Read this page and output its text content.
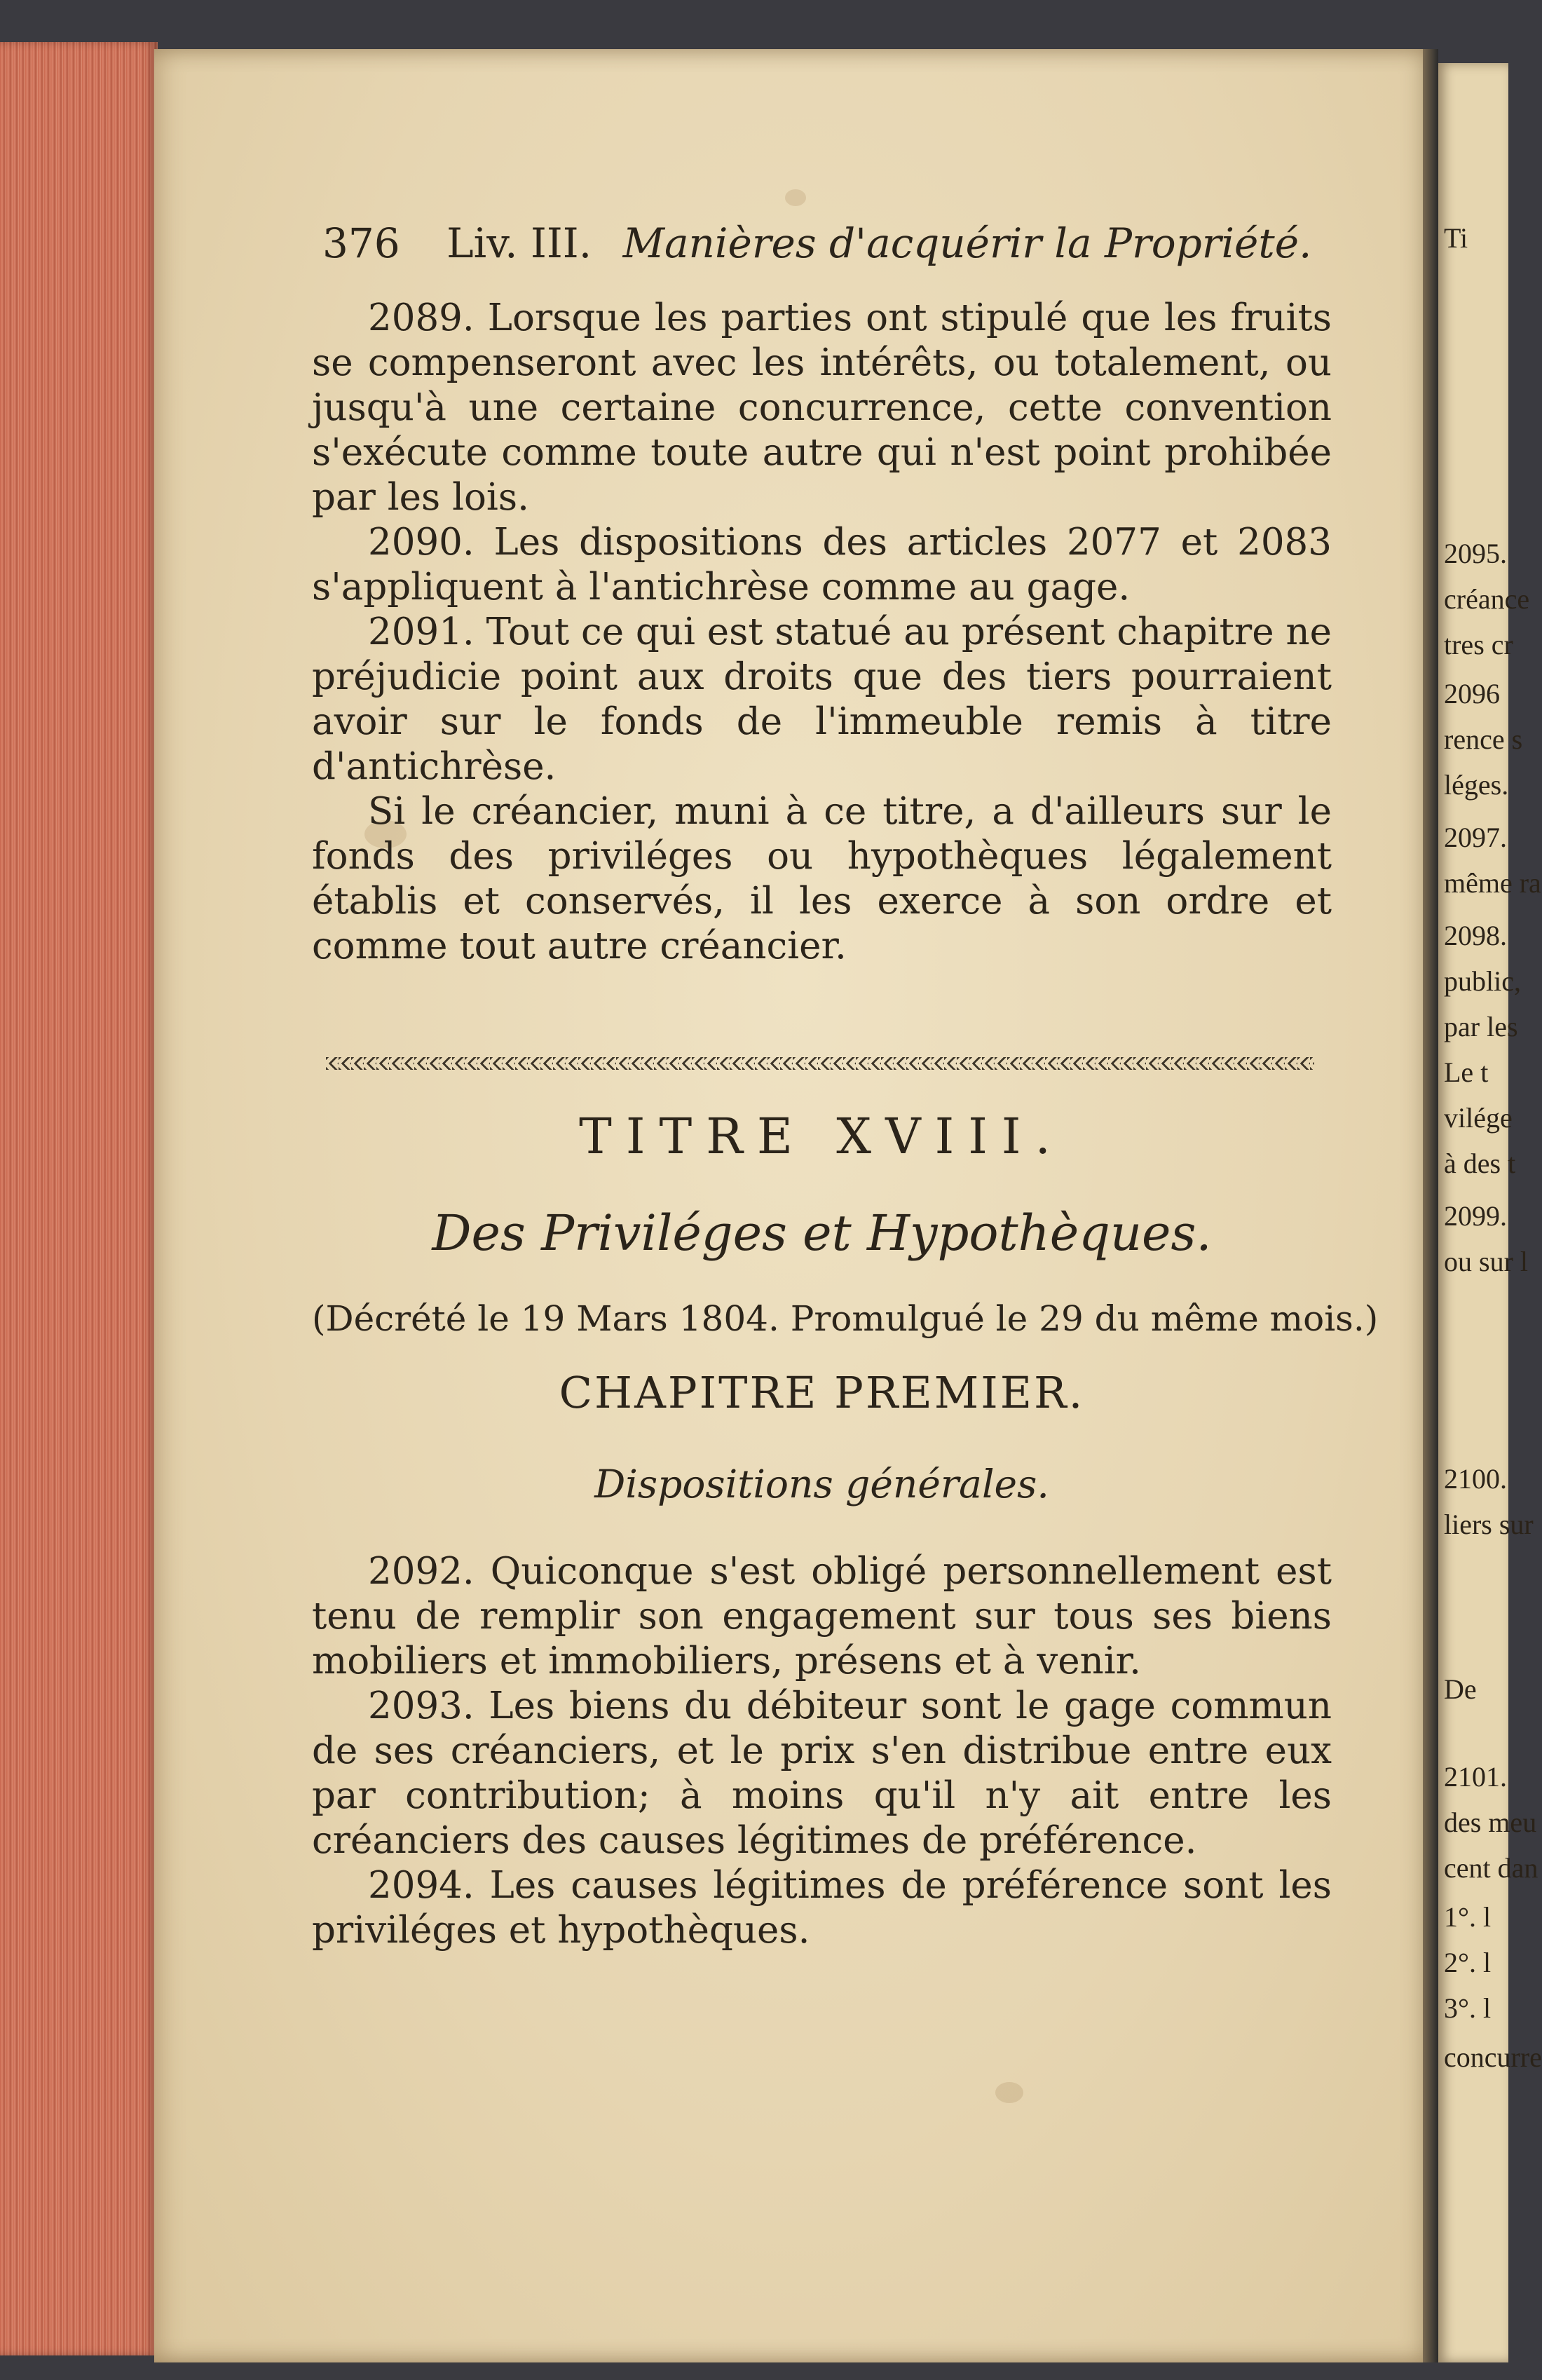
Ti
2095.
créance
tres cr
2096
rence s
léges.
2097.
même ra
2098.
public,
par les
Le t
vilége
à des t
2099.
ou sur l
2100.
liers sur
De
2101.
des meu
cent dan
1°. l
2°. l
3°. l
concurre
376 Liv. III. Manières d'acquérir la Propriété.

2089. Lorsque les parties ont stipulé que les fruits se compenseront avec les intérêts, ou totalement, ou jusqu'à une certaine concurrence, cette convention s'exécute comme toute autre qui n'est point prohibée par les lois.

2090. Les dispositions des articles 2077 et 2083 s'appliquent à l'antichrèse comme au gage.

2091. Tout ce qui est statué au présent chapitre ne préjudicie point aux droits que des tiers pourraient avoir sur le fonds de l'immeuble remis à titre d'antichrèse.

Si le créancier, muni à ce titre, a d'ailleurs sur le fonds des priviléges ou hypothèques légalement établis et conservés, il les exerce à son ordre et comme tout autre créancier.

TITRE XVIII.
Des Priviléges et Hypothèques.
(Décrété le 19 Mars 1804. Promulgué le 29 du même mois.)
CHAPITRE PREMIER.
Dispositions générales.

2092. Quiconque s'est obligé personnellement est tenu de remplir son engagement sur tous ses biens mobiliers et immobiliers, présens et à venir.

2093. Les biens du débiteur sont le gage commun de ses créanciers, et le prix s'en distribue entre eux par contribution; à moins qu'il n'y ait entre les créanciers des causes légitimes de préférence.

2094. Les causes légitimes de préférence sont les priviléges et hypothèques.
